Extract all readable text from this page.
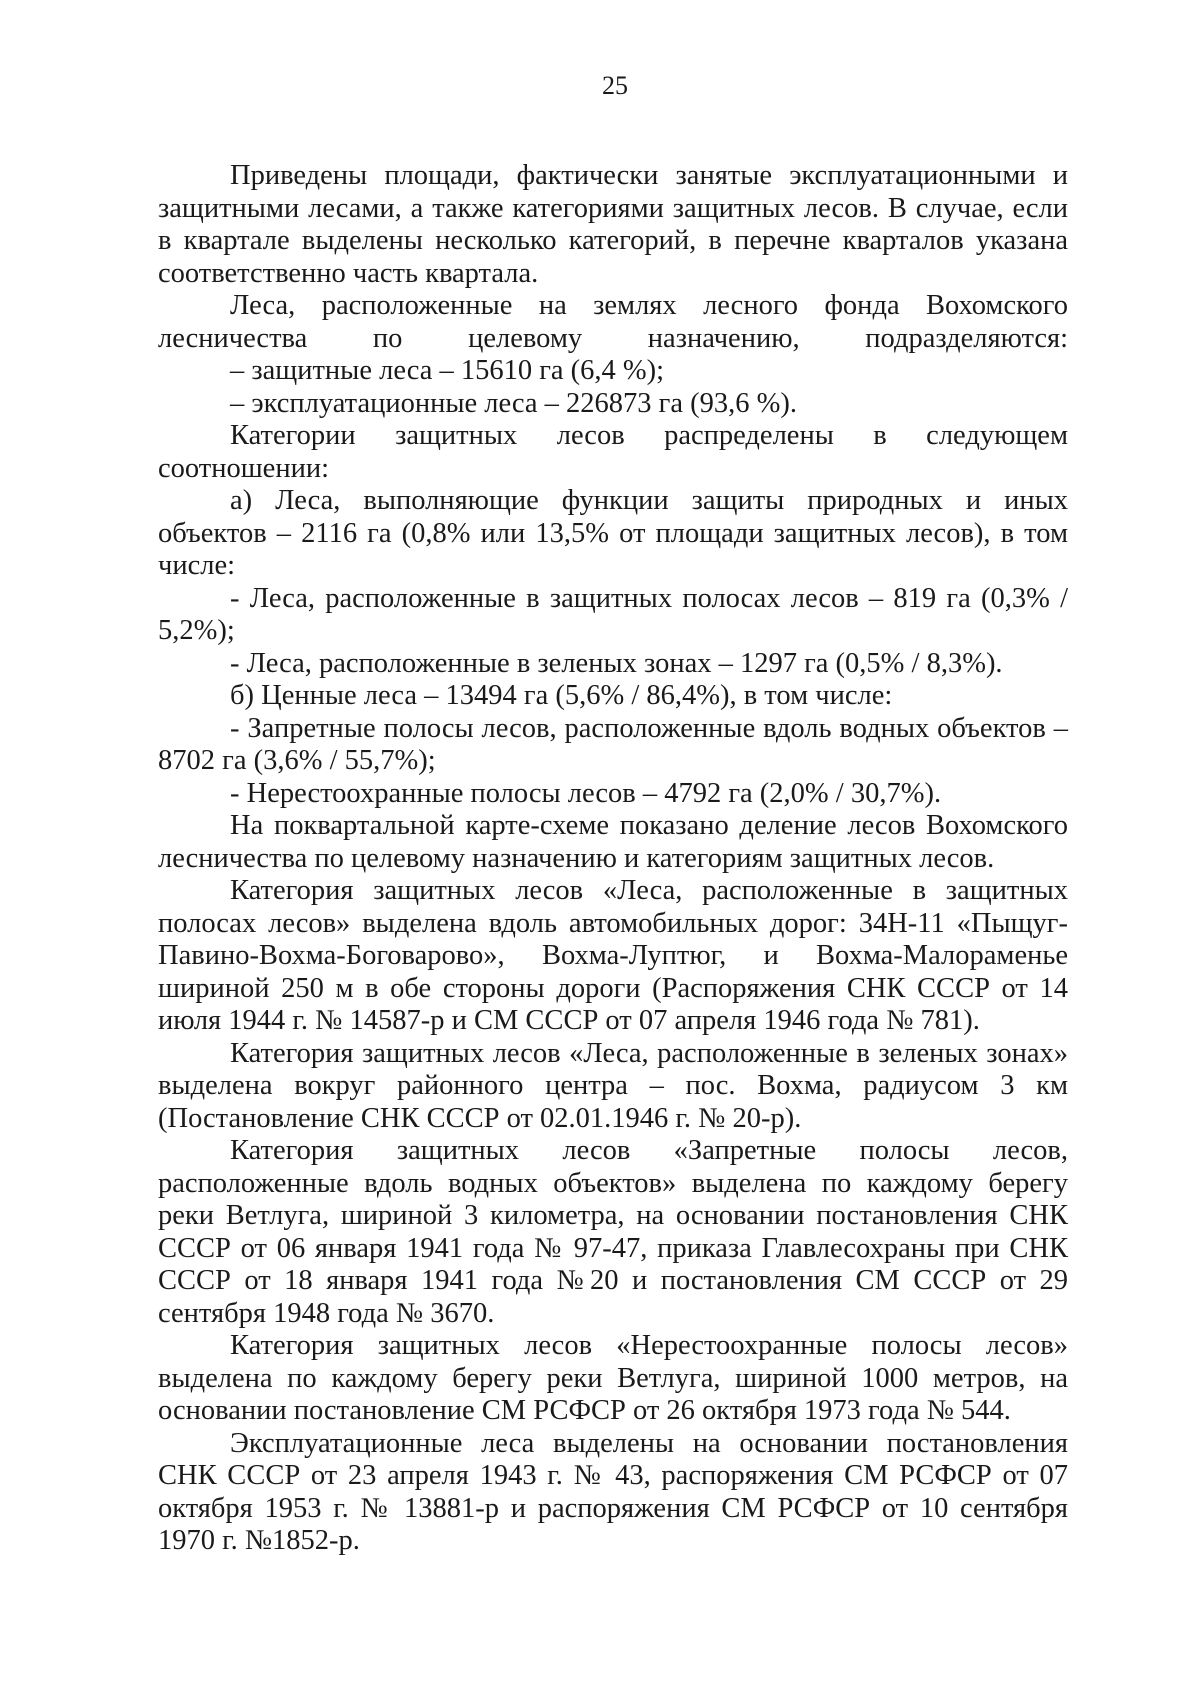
25

Приведены площади, фактически занятые эксплуатационными и защитными лесами, а также категориями защитных лесов. В случае, если в квартале выделены несколько категорий, в перечне кварталов указана соответственно часть квартала.

Леса, расположенные на землях лесного фонда Вохомского лесничества по целевому назначению, подразделяются:

– защитные леса – 15610 га (6,4 %);

– эксплуатационные леса – 226873 га (93,6 %).

Категории защитных лесов распределены в следующем соотношении:

а) Леса, выполняющие функции защиты природных и иных объектов – 2116 га (0,8% или 13,5% от площади защитных лесов), в том числе:

- Леса, расположенные в защитных полосах лесов – 819 га (0,3% / 5,2%);

- Леса, расположенные в зеленых зонах – 1297 га (0,5% / 8,3%).

б) Ценные леса – 13494 га (5,6% / 86,4%), в том числе:

- Запретные полосы лесов, расположенные вдоль водных объектов – 8702 га (3,6% / 55,7%);

- Нерестоохранные полосы лесов – 4792 га (2,0% / 30,7%).

На поквартальной карте-схеме показано деление лесов Вохомского лесничества по целевому назначению и категориям защитных лесов.

Категория защитных лесов «Леса, расположенные в защитных полосах лесов» выделена вдоль автомобильных дорог: 34Н-11 «Пыщуг-Павино-Вохма-Боговарово», Вохма-Луптюг, и Вохма-Малораменье шириной 250 м в обе стороны дороги (Распоряжения СНК СССР от 14 июля 1944 г. № 14587-р и СМ СССР от 07 апреля 1946 года № 781).

Категория защитных лесов «Леса, расположенные в зеленых зонах» выделена вокруг районного центра – пос. Вохма, радиусом 3 км (Постановление СНК СССР от 02.01.1946 г. № 20-р).

Категория защитных лесов «Запретные полосы лесов, расположенные вдоль водных объектов» выделена по каждому берегу реки Ветлуга, шириной 3 километра, на основании постановления СНК СССР от 06 января 1941 года № 97-47, приказа Главлесохраны при СНК СССР от 18 января 1941 года №20 и постановления СМ СССР от 29 сентября 1948 года № 3670.

Категория защитных лесов «Нерестоохранные полосы лесов» выделена по каждому берегу реки Ветлуга, шириной 1000 метров, на основании постановление СМ РСФСР от 26 октября 1973 года № 544.

Эксплуатационные леса выделены на основании постановления СНК СССР от 23 апреля 1943 г. № 43, распоряжения СМ РСФСР от 07 октября 1953 г. № 13881-р и распоряжения СМ РСФСР от 10 сентября 1970 г. №1852-р.
